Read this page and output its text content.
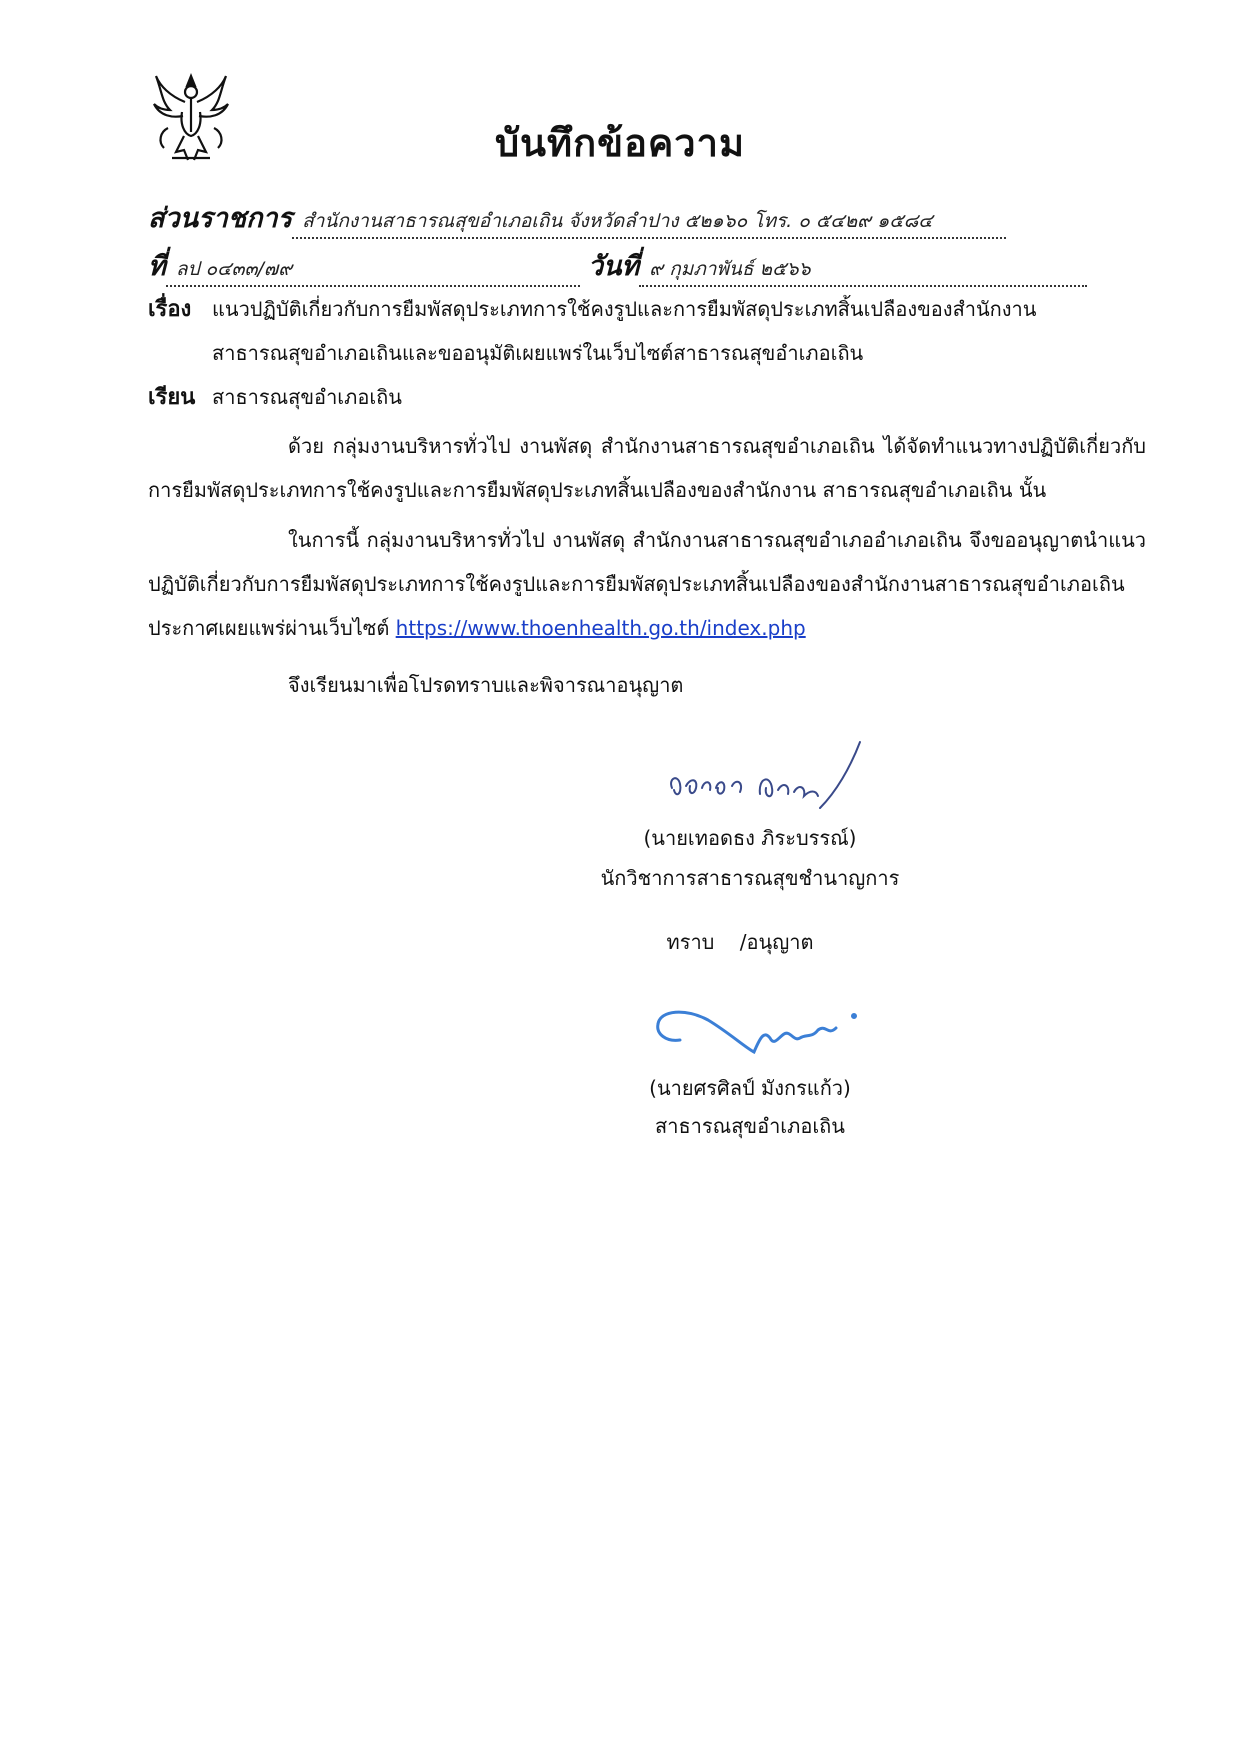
บันทึกข้อความ
ส่วนราชการ สำนักงานสาธารณสุขอำเภอเถิน จังหวัดลำปาง ๕๒๑๖๐ โทร. ๐ ๕๔๒๙ ๑๕๘๔
ที่ ลป ๐๔๓๓/๗๙	วันที่ ๙ กุมภาพันธ์ ๒๕๖๖
เรื่อง	แนวปฏิบัติเกี่ยวกับการยืมพัสดุประเภทการใช้คงรูปและการยืมพัสดุประเภทสิ้นเปลืองของสำนักงาน
สาธารณสุขอำเภอเถินและขออนุมัติเผยแพร่ในเว็บไซต์สาธารณสุขอำเภอเถิน
เรียน สาธารณสุขอำเภอเถิน
ด้วย กลุ่มงานบริหารทั่วไป งานพัสดุ สำนักงานสาธารณสุขอำเภอเถิน ได้จัดทำแนวทางปฏิบัติเกี่ยวกับการยืมพัสดุประเภทการใช้คงรูปและการยืมพัสดุประเภทสิ้นเปลืองของสำนักงาน สาธารณสุขอำเภอเถิน นั้น
ในการนี้ กลุ่มงานบริหารทั่วไป งานพัสดุ สำนักงานสาธารณสุขอำเภออำเภอเถิน จึงขออนุญาตนำแนวปฏิบัติเกี่ยวกับการยืมพัสดุประเภทการใช้คงรูปและการยืมพัสดุประเภทสิ้นเปลืองของสำนักงานสาธารณสุขอำเภอเถินประกาศเผยแพร่ผ่านเว็บไซต์ https://www.thoenhealth.go.th/index.php
จึงเรียนมาเพื่อโปรดทราบและพิจารณาอนุญาต
(นายเทอดธง ภิระบรรณ์)
นักวิชาการสาธารณสุขชำนาญการ
ทราบ    /อนุญาต
(นายศรศิลป์ มังกรแก้ว)
สาธารณสุขอำเภอเถิน
